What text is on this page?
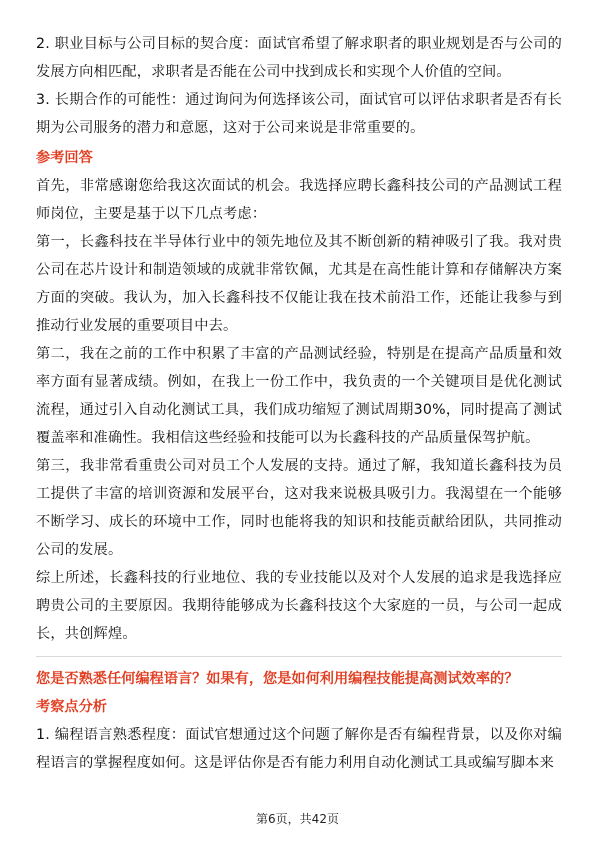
2. 职业目标与公司目标的契合度：面试官希望了解求职者的职业规划是否与公司的发展方向相匹配，求职者是否能在公司中找到成长和实现个人价值的空间。

3. 长期合作的可能性：通过询问为何选择该公司，面试官可以评估求职者是否有长期为公司服务的潜力和意愿，这对于公司来说是非常重要的。

参考回答

首先，非常感谢您给我这次面试的机会。我选择应聘长鑫科技公司的产品测试工程师岗位，主要是基于以下几点考虑：

第一，长鑫科技在半导体行业中的领先地位及其不断创新的精神吸引了我。我对贵公司在芯片设计和制造领域的成就非常钦佩，尤其是在高性能计算和存储解决方案方面的突破。我认为，加入长鑫科技不仅能让我在技术前沿工作，还能让我参与到推动行业发展的重要项目中去。

第二，我在之前的工作中积累了丰富的产品测试经验，特别是在提高产品质量和效率方面有显著成绩。例如，在我上一份工作中，我负责的一个关键项目是优化测试流程，通过引入自动化测试工具，我们成功缩短了测试周期30%，同时提高了测试覆盖率和准确性。我相信这些经验和技能可以为长鑫科技的产品质量保驾护航。

第三，我非常看重贵公司对员工个人发展的支持。通过了解，我知道长鑫科技为员工提供了丰富的培训资源和发展平台，这对我来说极具吸引力。我渴望在一个能够不断学习、成长的环境中工作，同时也能将我的知识和技能贡献给团队，共同推动公司的发展。

综上所述，长鑫科技的行业地位、我的专业技能以及对个人发展的追求是我选择应聘贵公司的主要原因。我期待能够成为长鑫科技这个大家庭的一员，与公司一起成长，共创辉煌。

您是否熟悉任何编程语言？如果有，您是如何利用编程技能提高测试效率的？

考察点分析

1. 编程语言熟悉程度：面试官想通过这个问题了解你是否有编程背景，以及你对编程语言的掌握程度如何。这是评估你是否有能力利用自动化测试工具或编写脚本来

第6页，共42页
